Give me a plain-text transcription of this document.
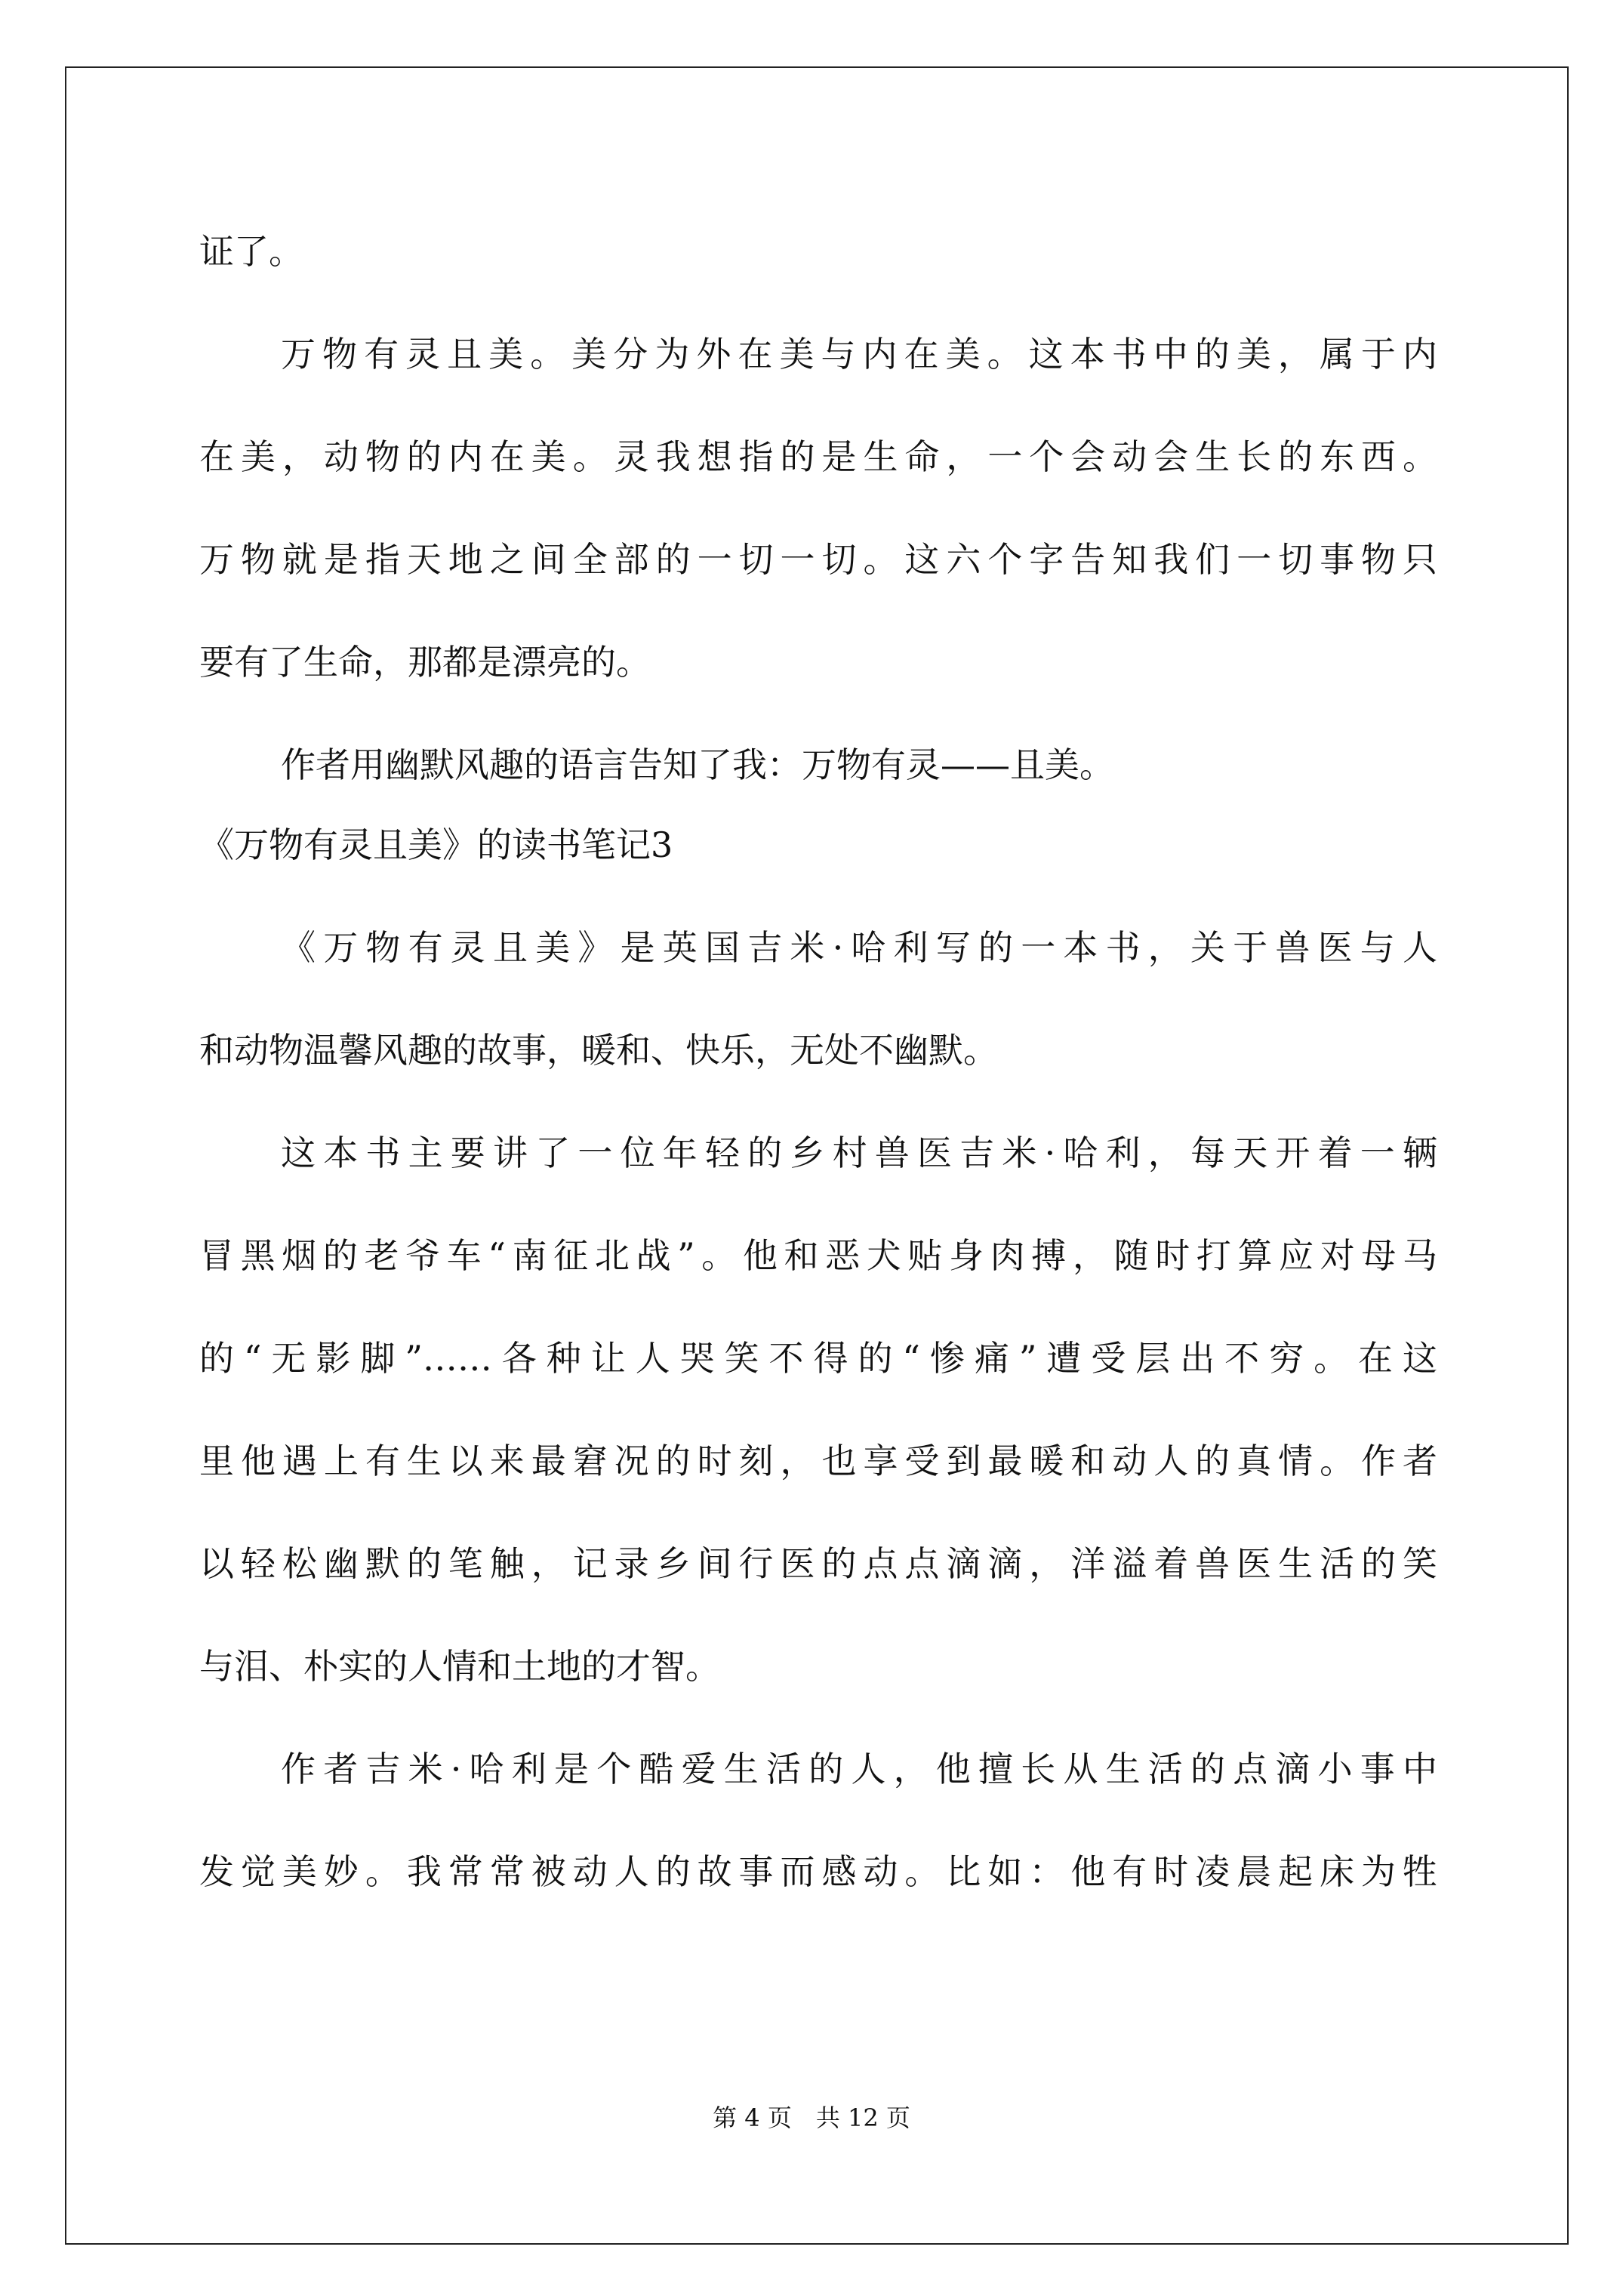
证了。
万物有灵且美。美分为外在美与内在美。这本书中的美，属于内
在美，动物的内在美。灵我想指的是生命，一个会动会生长的东西。
万物就是指天地之间全部的一切一切。这六个字告知我们一切事物只
要有了生命，那都是漂亮的。
作者用幽默风趣的语言告知了我：万物有灵——且美。
《万物有灵且美》的读书笔记3
《万物有灵且美》是英国吉米·哈利写的一本书，关于兽医与人
和动物温馨风趣的故事，暖和、快乐，无处不幽默。
这本书主要讲了一位年轻的乡村兽医吉米·哈利，每天开着一辆
冒黑烟的老爷车“南征北战”。他和恶犬贴身肉搏，随时打算应对母马
的“无影脚”……各种让人哭笑不得的“惨痛”遭受层出不穷。在这
里他遇上有生以来最窘况的时刻，也享受到最暖和动人的真情。作者
以轻松幽默的笔触，记录乡间行医的点点滴滴，洋溢着兽医生活的笑
与泪、朴实的人情和土地的才智。
作者吉米·哈利是个酷爱生活的人，他擅长从生活的点滴小事中
发觉美妙。我常常被动人的故事而感动。比如：他有时凌晨起床为牲
第 4 页　共 12 页
